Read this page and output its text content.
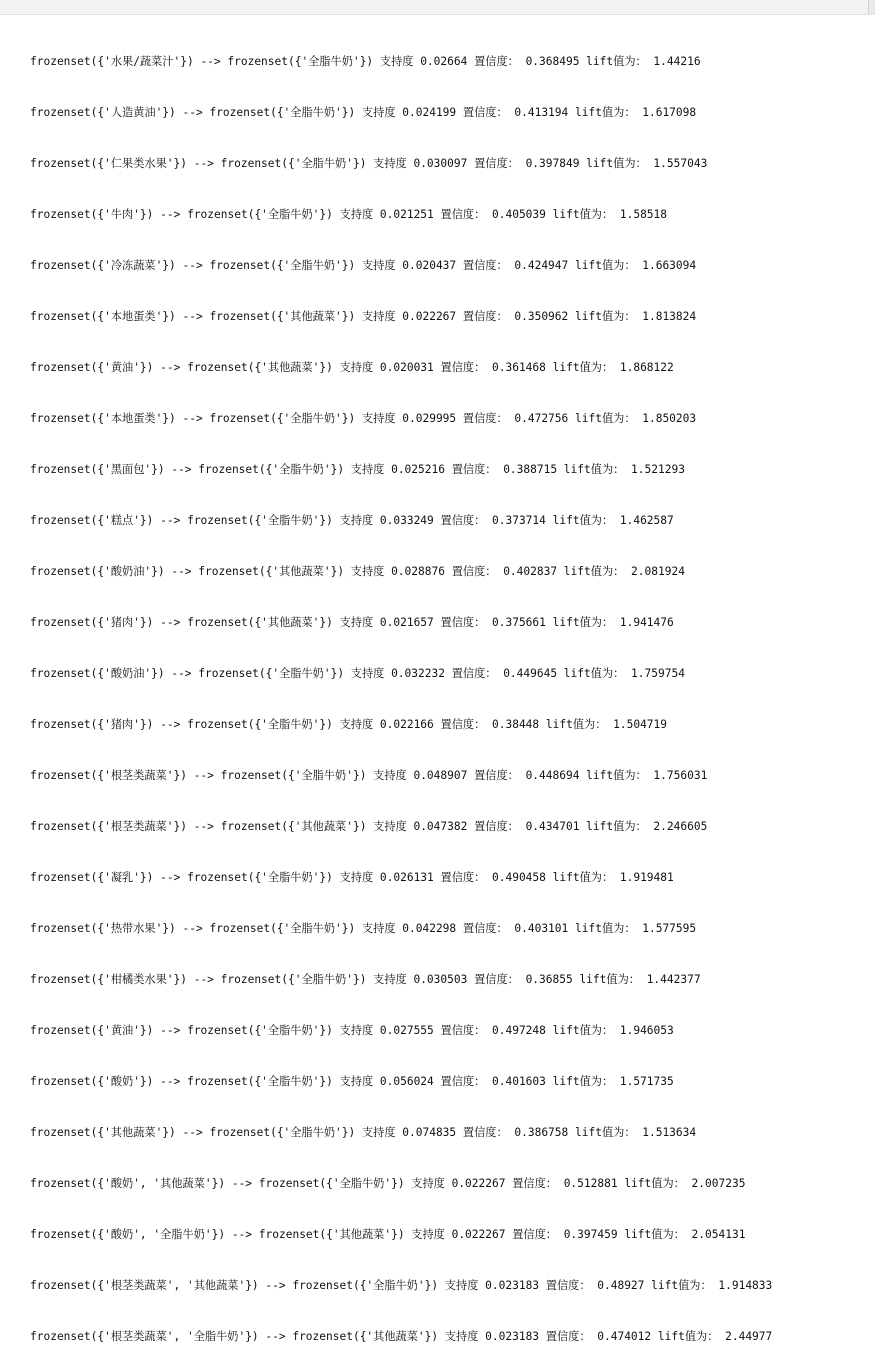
frozenset({'水果/蔬菜汁'}) --> frozenset({'全脂牛奶'}) 支持度 0.02664 置信度： 0.368495 lift值为： 1.44216

frozenset({'人造黄油'}) --> frozenset({'全脂牛奶'}) 支持度 0.024199 置信度： 0.413194 lift值为： 1.617098

frozenset({'仁果类水果'}) --> frozenset({'全脂牛奶'}) 支持度 0.030097 置信度： 0.397849 lift值为： 1.557043

frozenset({'牛肉'}) --> frozenset({'全脂牛奶'}) 支持度 0.021251 置信度： 0.405039 lift值为： 1.58518

frozenset({'冷冻蔬菜'}) --> frozenset({'全脂牛奶'}) 支持度 0.020437 置信度： 0.424947 lift值为： 1.663094

frozenset({'本地蛋类'}) --> frozenset({'其他蔬菜'}) 支持度 0.022267 置信度： 0.350962 lift值为： 1.813824

frozenset({'黄油'}) --> frozenset({'其他蔬菜'}) 支持度 0.020031 置信度： 0.361468 lift值为： 1.868122

frozenset({'本地蛋类'}) --> frozenset({'全脂牛奶'}) 支持度 0.029995 置信度： 0.472756 lift值为： 1.850203

frozenset({'黑面包'}) --> frozenset({'全脂牛奶'}) 支持度 0.025216 置信度： 0.388715 lift值为： 1.521293

frozenset({'糕点'}) --> frozenset({'全脂牛奶'}) 支持度 0.033249 置信度： 0.373714 lift值为： 1.462587

frozenset({'酸奶油'}) --> frozenset({'其他蔬菜'}) 支持度 0.028876 置信度： 0.402837 lift值为： 2.081924

frozenset({'猪肉'}) --> frozenset({'其他蔬菜'}) 支持度 0.021657 置信度： 0.375661 lift值为： 1.941476

frozenset({'酸奶油'}) --> frozenset({'全脂牛奶'}) 支持度 0.032232 置信度： 0.449645 lift值为： 1.759754

frozenset({'猪肉'}) --> frozenset({'全脂牛奶'}) 支持度 0.022166 置信度： 0.38448 lift值为： 1.504719

frozenset({'根茎类蔬菜'}) --> frozenset({'全脂牛奶'}) 支持度 0.048907 置信度： 0.448694 lift值为： 1.756031

frozenset({'根茎类蔬菜'}) --> frozenset({'其他蔬菜'}) 支持度 0.047382 置信度： 0.434701 lift值为： 2.246605

frozenset({'凝乳'}) --> frozenset({'全脂牛奶'}) 支持度 0.026131 置信度： 0.490458 lift值为： 1.919481

frozenset({'热带水果'}) --> frozenset({'全脂牛奶'}) 支持度 0.042298 置信度： 0.403101 lift值为： 1.577595

frozenset({'柑橘类水果'}) --> frozenset({'全脂牛奶'}) 支持度 0.030503 置信度： 0.36855 lift值为： 1.442377

frozenset({'黄油'}) --> frozenset({'全脂牛奶'}) 支持度 0.027555 置信度： 0.497248 lift值为： 1.946053

frozenset({'酸奶'}) --> frozenset({'全脂牛奶'}) 支持度 0.056024 置信度： 0.401603 lift值为： 1.571735

frozenset({'其他蔬菜'}) --> frozenset({'全脂牛奶'}) 支持度 0.074835 置信度： 0.386758 lift值为： 1.513634

frozenset({'酸奶', '其他蔬菜'}) --> frozenset({'全脂牛奶'}) 支持度 0.022267 置信度： 0.512881 lift值为： 2.007235

frozenset({'酸奶', '全脂牛奶'}) --> frozenset({'其他蔬菜'}) 支持度 0.022267 置信度： 0.397459 lift值为： 2.054131

frozenset({'根茎类蔬菜', '其他蔬菜'}) --> frozenset({'全脂牛奶'}) 支持度 0.023183 置信度： 0.48927 lift值为： 1.914833

frozenset({'根茎类蔬菜', '全脂牛奶'}) --> frozenset({'其他蔬菜'}) 支持度 0.023183 置信度： 0.474012 lift值为： 2.44977
